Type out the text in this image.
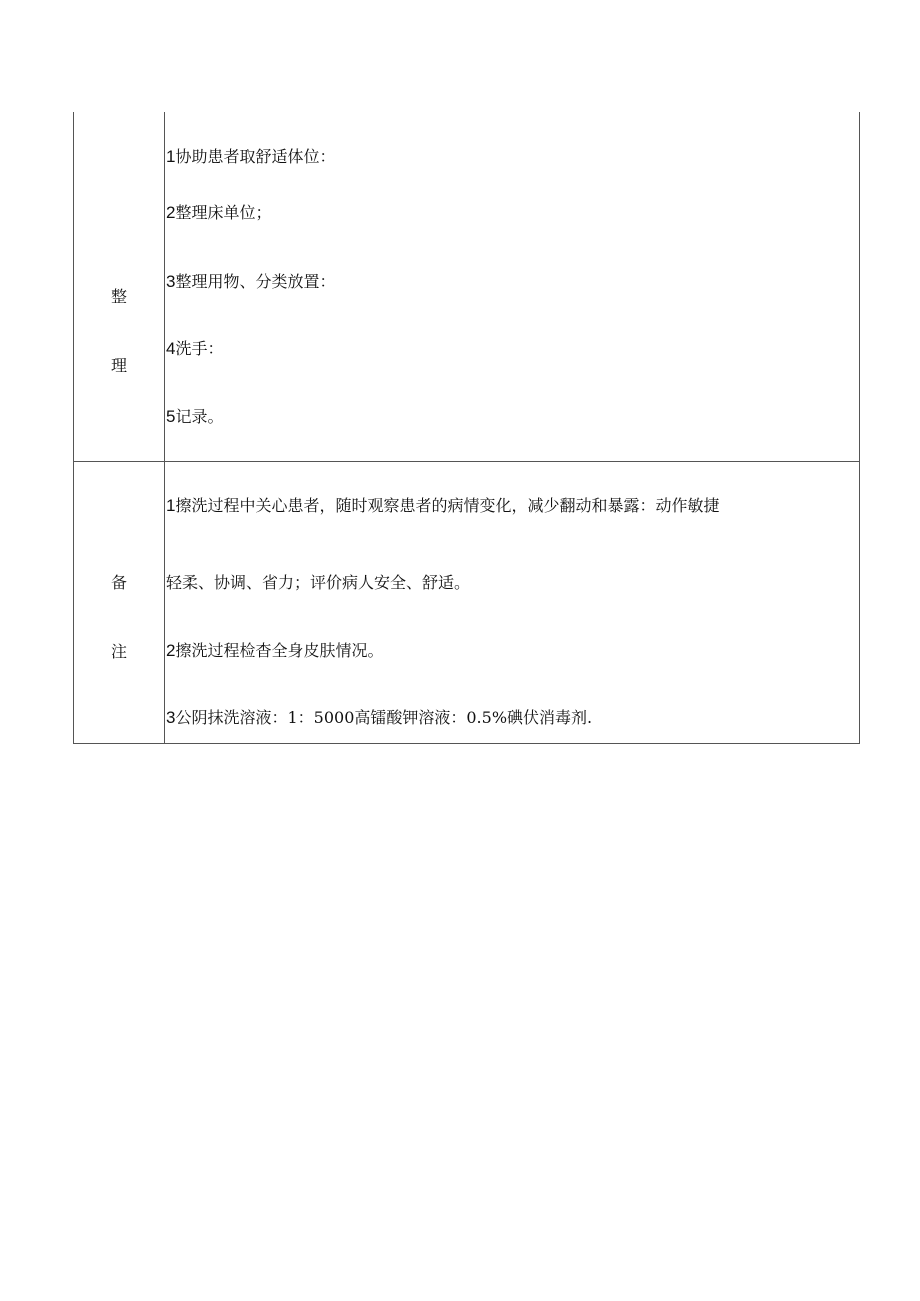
整
理
1协助患者取舒适体位：
2整理床单位；
3整理用物、分类放置：
4洗手：
5记录。
备
注
1擦洗过程中关心患者，随时观察患者的病情变化，减少翻动和暴露：动作敏捷
轻柔、协调、省力；评价病人安全、舒适。
2擦洗过程检杳全身皮肤情况。
3公阴抹洗溶液：1：5000高镭酸钾溶液：0.5%碘伏消毒剂.
